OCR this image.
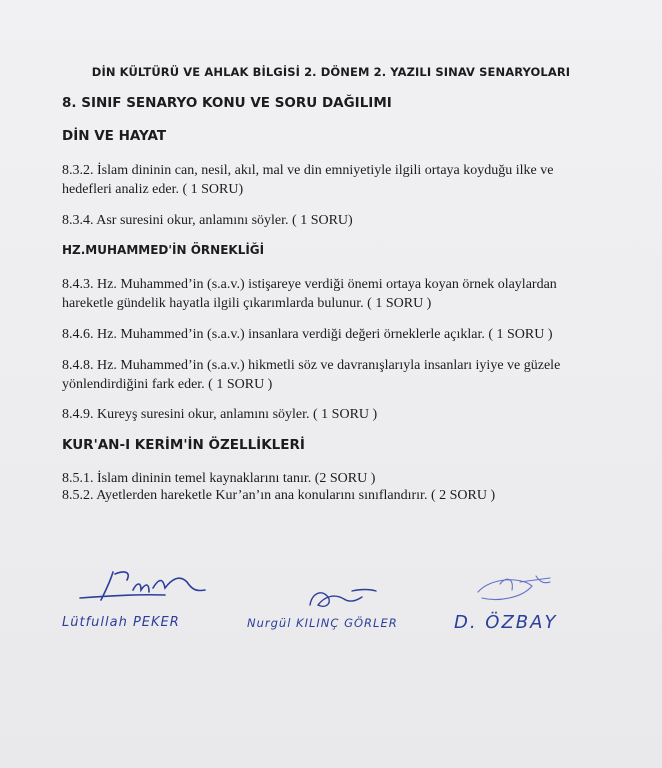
DİN KÜLTÜRÜ VE AHLAK BİLGİSİ 2. DÖNEM 2. YAZILI SINAV SENARYOLARI
8. SINIF SENARYO KONU VE SORU DAĞILIMI
DİN VE HAYAT
8.3.2. İslam dininin can, nesil, akıl, mal ve din emniyetiyle ilgili ortaya koyduğu ilke ve hedefleri analiz eder. ( 1 SORU)
8.3.4. Asr suresini okur, anlamını söyler. ( 1 SORU)
HZ.MUHAMMED'İN ÖRNEKLİĞİ
8.4.3. Hz. Muhammed’in (s.a.v.) istişareye verdiği önemi ortaya koyan örnek olaylardan hareketle gündelik hayatla ilgili çıkarımlarda bulunur. ( 1 SORU )
8.4.6. Hz. Muhammed’in (s.a.v.) insanlara verdiği değeri örneklerle açıklar. ( 1 SORU )
8.4.8. Hz. Muhammed’in (s.a.v.) hikmetli söz ve davranışlarıyla insanları iyiye ve güzele yönlendirdiğini fark eder. ( 1 SORU )
8.4.9. Kureyş suresini okur, anlamını söyler. ( 1 SORU )
KUR'AN-I KERİM'İN ÖZELLİKLERİ
8.5.1. İslam dininin temel kaynaklarını tanır. (2 SORU )
8.5.2. Ayetlerden hareketle Kur’an’ın ana konularını sınıflandırır. ( 2 SORU )
Lütfullah PEKER	Nurgül KILINÇ GÖRLER	D. ÖZBAY
